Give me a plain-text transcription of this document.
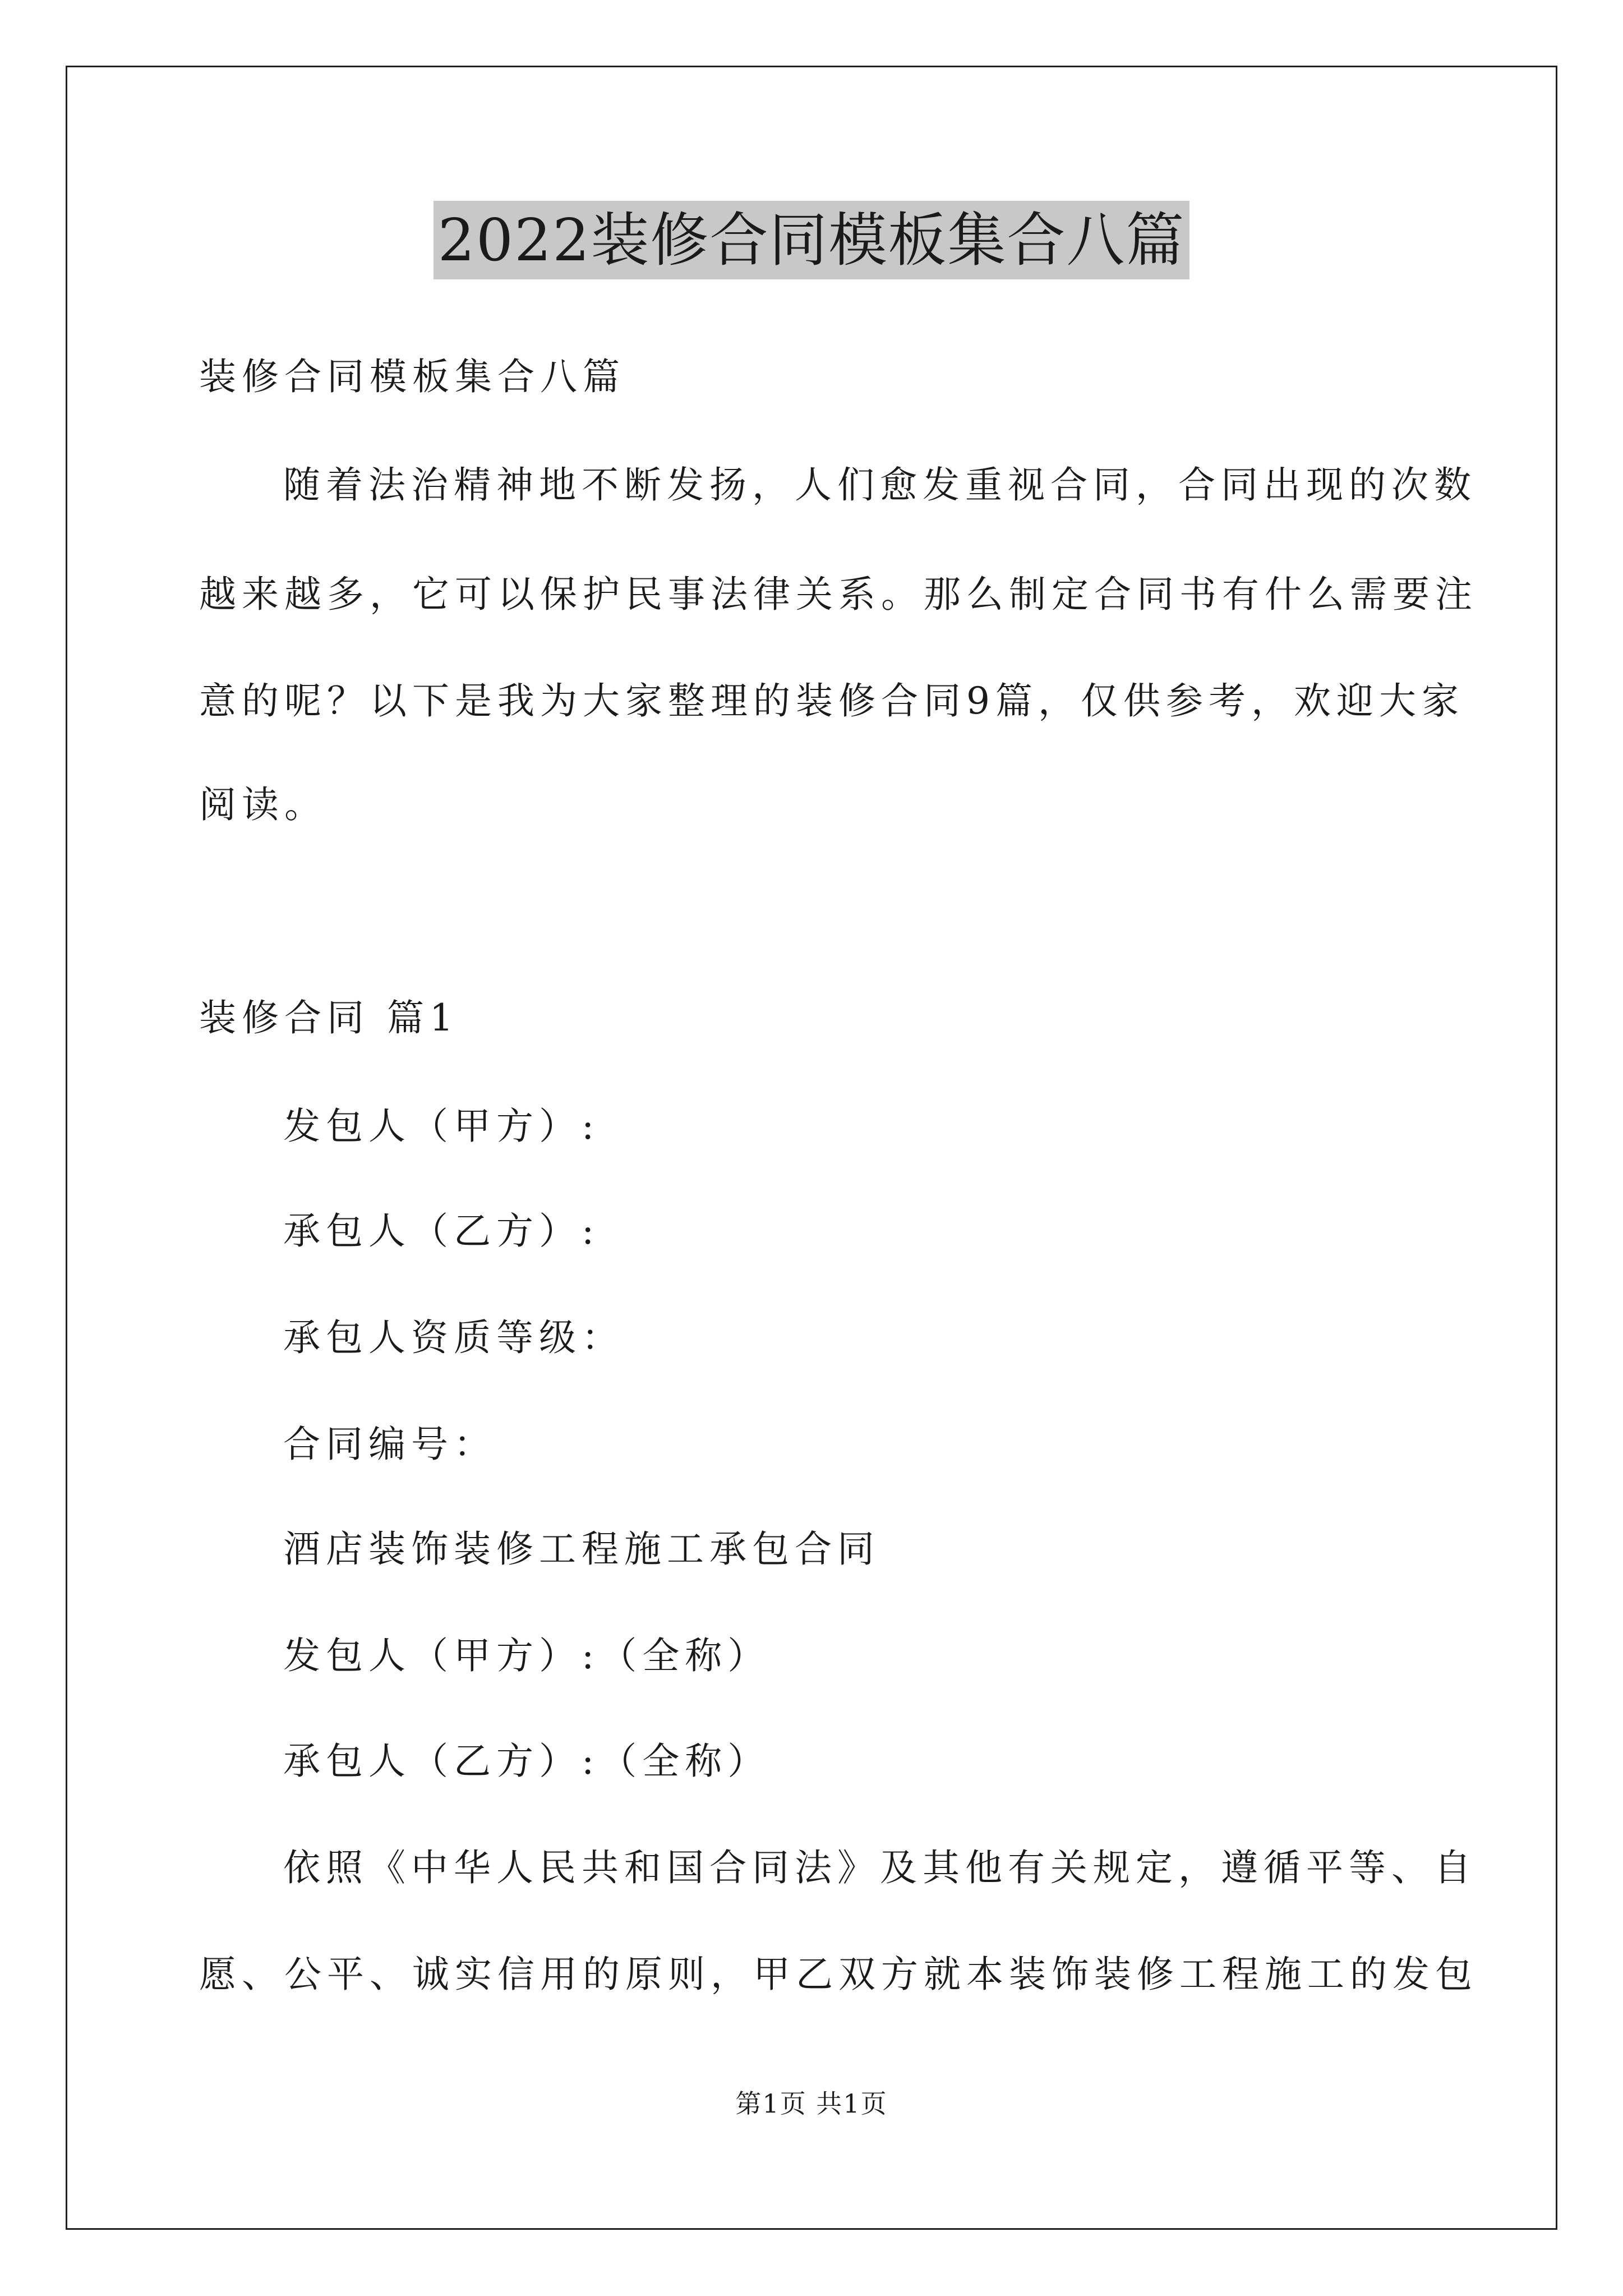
2022装修合同模板集合八篇
装修合同模板集合八篇
随着法治精神地不断发扬，人们愈发重视合同，合同出现的次数
越来越多，它可以保护民事法律关系。那么制定合同书有什么需要注
意的呢？以下是我为大家整理的装修合同9篇，仅供参考，欢迎大家
阅读。
装修合同 篇1
发包人（甲方）:
承包人（乙方）:
承包人资质等级：
合同编号：
酒店装饰装修工程施工承包合同
发包人（甲方）:（全称）
承包人（乙方）:（全称）
依照《中华人民共和国合同法》及其他有关规定，遵循平等、自
愿、公平、诚实信用的原则，甲乙双方就本装饰装修工程施工的发包
第1页 共1页
